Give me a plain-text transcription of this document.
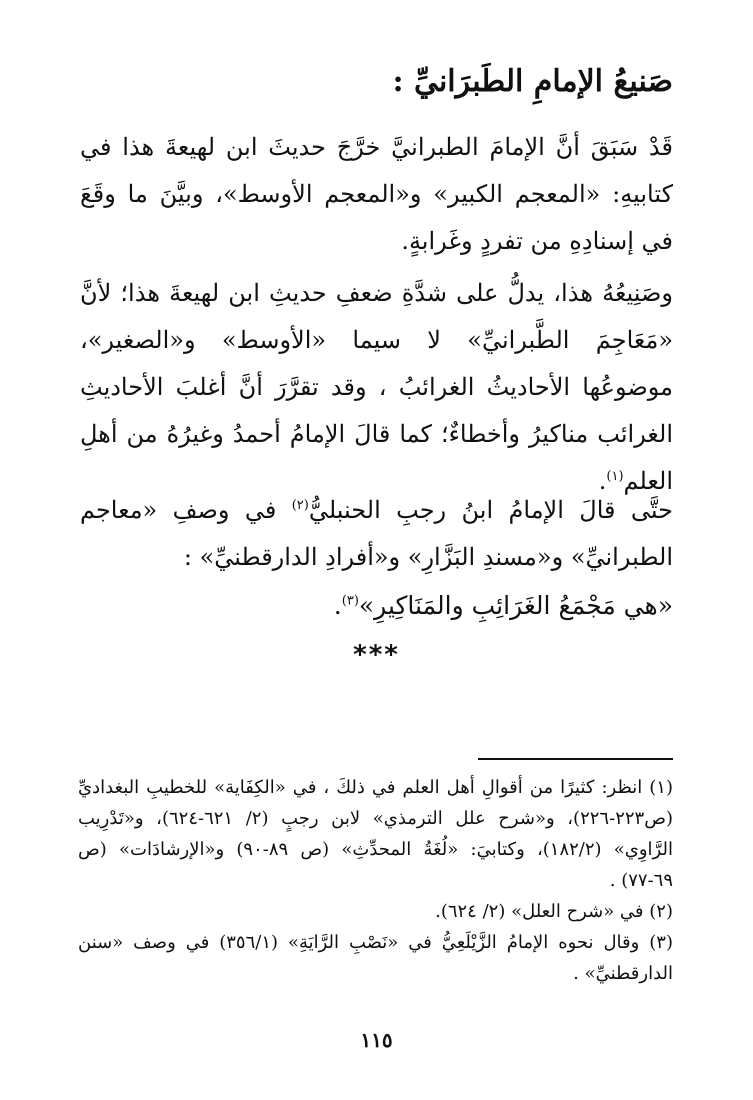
صَنيعُ الإمامِ الطَبرَانيِّ :
قَدْ سَبَقَ أنَّ الإمامَ الطبرانيَّ خرَّجَ حديثَ ابن لهيعةَ هذا في كتابيهِ: «المعجم الكبير» و«المعجم الأوسط»، وبيَّنَ ما وقَعَ في إسنادِهِ من تفردٍ وغَرابةٍ.
وصَنِيعُهُ هذا، يدلُّ على شدَّةِ ضعفِ حديثِ ابن لهيعةَ هذا؛ لأنَّ «مَعَاجِمَ الطَّبرانيِّ» لا سيما «الأوسط» و«الصغير»، موضوعُها الأحاديثُ الغرائبُ ، وقد تقرَّرَ أنَّ أغلبَ الأحاديثِ الغرائب مناكيرُ وأخطاءٌ؛ كما قالَ الإمامُ أحمدُ وغيرُهُ من أهلِ العلم$^{(١)}$.
حتَّى قالَ الإمامُ ابنُ رجبِ الحنبليُّ$^{(٢)}$ في وصفِ «معاجم الطبرانيِّ» و«مسندِ البَزَّارِ» و«أفرادِ الدارقطنيِّ» :
«هي مَجْمَعُ الغَرَائِبِ والمَنَاكِيرِ»$^{(٣)}$.
***
(١) انظر: كثيرًا من أقوالِ أهل العلم في ذلكَ ، في «الكِفَاية» للخطيبِ البغداديِّ (ص٢٢٣-٢٢٦)، و«شرح علل الترمذي» لابن رجبٍ (٢/ ٦٢١-٦٢٤)، و«تَدْرِيب الرَّاوِي» (١٨٢/٢)، وكتابيَ: «لُغَةُ المحدِّثِ» (ص ٨٩-٩٠) و«الإرشادَات» (ص ٦٩-٧٧) .
(٢) في «شرح العلل» (٢/ ٦٢٤).
(٣) وقال نحوه الإمامُ الزَّيْلَعِيُّ في «نَصْبِ الرَّايَةِ» (٣٥٦/١) في وصف «سنن الدارقطنيِّ» .
١١٥
